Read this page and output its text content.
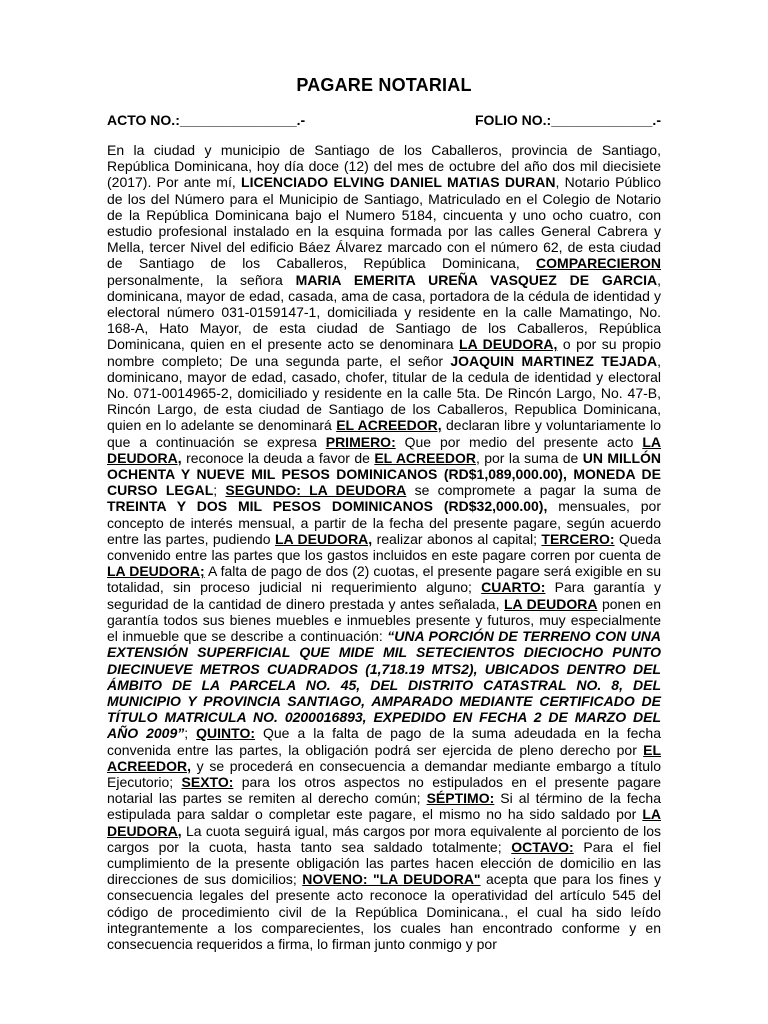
PAGARE NOTARIAL
ACTO NO.:_______________.-	FOLIO NO.:_____________.-
En la ciudad y municipio de Santiago de los Caballeros, provincia de Santiago, República Dominicana, hoy día doce (12) del mes de octubre del año dos mil diecisiete (2017). Por ante mí, LICENCIADO ELVING DANIEL MATIAS DURAN, Notario Público de los del Número para el Municipio de Santiago, Matriculado en el Colegio de Notario de la República Dominicana bajo el Numero 5184, cincuenta y uno ocho cuatro, con estudio profesional instalado en la esquina formada por las calles General Cabrera y Mella, tercer Nivel del edificio Báez Álvarez marcado con el número 62, de esta ciudad de Santiago de los Caballeros, República Dominicana, COMPARECIERON personalmente, la señora MARIA EMERITA UREÑA VASQUEZ DE GARCIA, dominicana, mayor de edad, casada, ama de casa, portadora de la cédula de identidad y electoral número 031-0159147-1, domiciliada y residente en la calle Mamatingo, No. 168-A, Hato Mayor, de esta ciudad de Santiago de los Caballeros, República Dominicana, quien en el presente acto se denominara LA DEUDORA, o por su propio nombre completo; De una segunda parte, el señor JOAQUIN MARTINEZ TEJADA, dominicano, mayor de edad, casado, chofer, titular de la cedula de identidad y electoral No. 071-0014965-2, domiciliado y residente en la calle 5ta. De Rincón Largo, No. 47-B, Rincón Largo, de esta ciudad de Santiago de los Caballeros, Republica Dominicana, quien en lo adelante se denominará EL ACREEDOR, declaran libre y voluntariamente lo que a continuación se expresa PRIMERO: Que por medio del presente acto LA DEUDORA, reconoce la deuda a favor de EL ACREEDOR, por la suma de UN MILLÓN OCHENTA Y NUEVE MIL PESOS DOMINICANOS (RD$1,089,000.00), MONEDA DE CURSO LEGAL; SEGUNDO: LA DEUDORA se compromete a pagar la suma de TREINTA Y DOS MIL PESOS DOMINICANOS (RD$32,000.00), mensuales, por concepto de interés mensual, a partir de la fecha del presente pagare, según acuerdo entre las partes, pudiendo LA DEUDORA, realizar abonos al capital; TERCERO: Queda convenido entre las partes que los gastos incluidos en este pagare corren por cuenta de LA DEUDORA; A falta de pago de dos (2) cuotas, el presente pagare será exigible en su totalidad, sin proceso judicial ni requerimiento alguno; CUARTO: Para garantía y seguridad de la cantidad de dinero prestada y antes señalada, LA DEUDORA ponen en garantía todos sus bienes muebles e inmuebles presente y futuros, muy especialmente el inmueble que se describe a continuación: “UNA PORCIÓN DE TERRENO CON UNA EXTENSIÓN SUPERFICIAL QUE MIDE MIL SETECIENTOS DIECIOCHO PUNTO DIECINUEVE METROS CUADRADOS (1,718.19 MTS2), UBICADOS DENTRO DEL ÁMBITO DE LA PARCELA NO. 45, DEL DISTRITO CATASTRAL NO. 8, DEL MUNICIPIO Y PROVINCIA SANTIAGO, AMPARADO MEDIANTE CERTIFICADO DE TÍTULO MATRICULA NO. 0200016893, EXPEDIDO EN FECHA 2 DE MARZO DEL AÑO 2009”; QUINTO: Que a la falta de pago de la suma adeudada en la fecha convenida entre las partes, la obligación podrá ser ejercida de pleno derecho por EL ACREEDOR, y se procederá en consecuencia a demandar mediante embargo a título Ejecutorio; SEXTO: para los otros aspectos no estipulados en el presente pagare notarial las partes se remiten al derecho común; SÉPTIMO: Si al término de la fecha estipulada para saldar o completar este pagare, el mismo no ha sido saldado por LA DEUDORA, La cuota seguirá igual, más cargos por mora equivalente al porciento de los cargos por la cuota, hasta tanto sea saldado totalmente; OCTAVO: Para el fiel cumplimiento de la presente obligación las partes hacen elección de domicilio en las direcciones de sus domicilios; NOVENO: "LA DEUDORA" acepta que para los fines y consecuencia legales del presente acto reconoce la operatividad del artículo 545 del código de procedimiento civil de la República Dominicana., el cual ha sido leído integrantemente a los comparecientes, los cuales han encontrado conforme y en consecuencia requeridos a firma, lo firman junto conmigo y por
